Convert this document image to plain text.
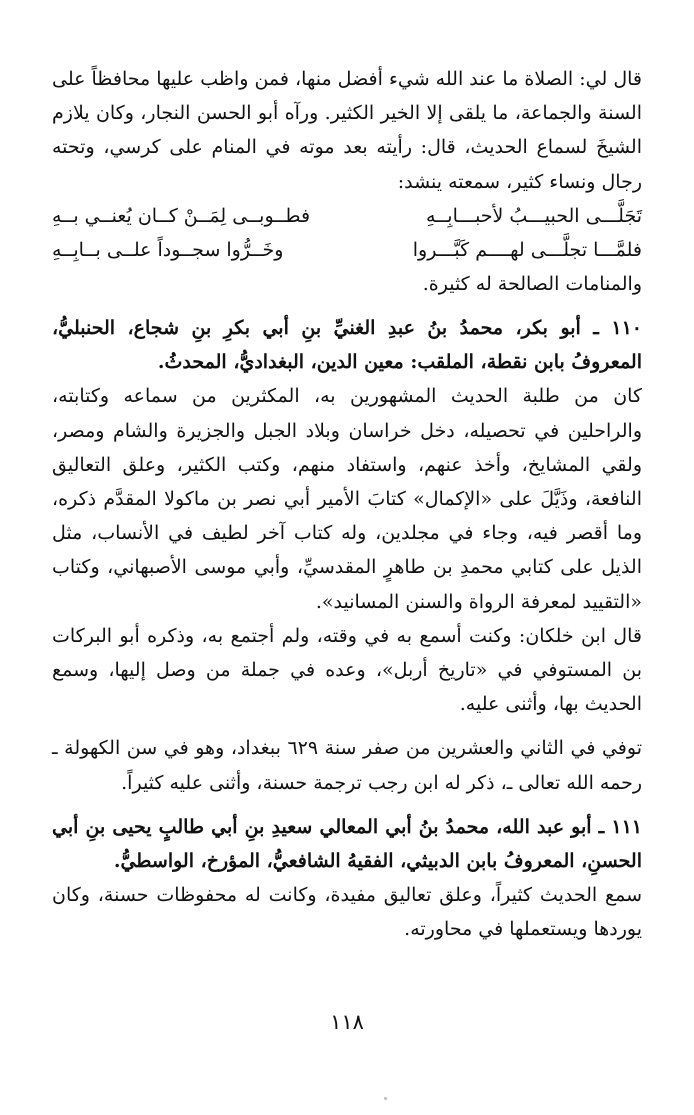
قال لي: الصلاة ما عند الله شيء أفضل منها، فمن واظب عليها محافظاً على السنة والجماعة، ما يلقى إلا الخير الكثير. ورآه أبو الحسن النجار، وكان يلازم الشيخَ لسماع الحديث، قال: رأيته بعد موته في المنام على كرسي، وتحته رجال ونساء كثير، سمعته ينشد:

تَجَلَّـــى الحبيـــبُ لأحبـــابِــهِ
فطــوبــى لِمَــنْ كــان يُعنــي بــهِ
فلمَّـــا تجلَّـــى لهــــم كَبَّـــروا
وخَــرُّوا سجــوداً علــى بــابِــهِ

والمنامات الصالحة له كثيرة.

١١٠ ـ أبو بكر، محمدُ بنُ عبدِ الغنيِّ بنِ أبي بكرِ بنِ شجاع، الحنبليُّ، المعروفُ بابن نقطة، الملقب: معين الدين، البغداديُّ، المحدثُ.

كان من طلبة الحديث المشهورين به، المكثرين من سماعه وكتابته، والراحلين في تحصيله، دخل خراسان وبلاد الجبل والجزيرة والشام ومصر، ولقي المشايخ، وأخذ عنهم، واستفاد منهم، وكتب الكثير، وعلق التعاليق النافعة، وذَيَّلَ على «الإكمال» كتابَ الأمير أبي نصر بن ماكولا المقدَّم ذكره، وما أقصر فيه، وجاء في مجلدين، وله كتاب آخر لطيف في الأنساب، مثل الذيل على كتابي محمدِ بن طاهرٍ المقدسيِّ، وأبي موسى الأصبهاني، وكتاب «التقييد لمعرفة الرواة والسنن المسانيد».

قال ابن خلكان: وكنت أسمع به في وقته، ولم أجتمع به، وذكره أبو البركات بن المستوفي في «تاريخ أربل»، وعده في جملة من وصل إليها، وسمع الحديث بها، وأثنى عليه.

توفي في الثاني والعشرين من صفر سنة ٦٢٩ ببغداد، وهو في سن الكهولة ـ رحمه الله تعالى ـ، ذكر له ابن رجب ترجمة حسنة، وأثنى عليه كثيراً.

١١١ ـ أبو عبد الله، محمدُ بنُ أبي المعالي سعيدِ بنِ أبي طالبٍ يحيى بنِ أبي الحسنِ، المعروفُ بابن الدبيثي، الفقيهُ الشافعيُّ، المؤرخ، الواسطيُّ.

سمع الحديث كثيراً، وعلق تعاليق مفيدة، وكانت له محفوظات حسنة، وكان يوردها ويستعملها في محاورته.

١١٨
